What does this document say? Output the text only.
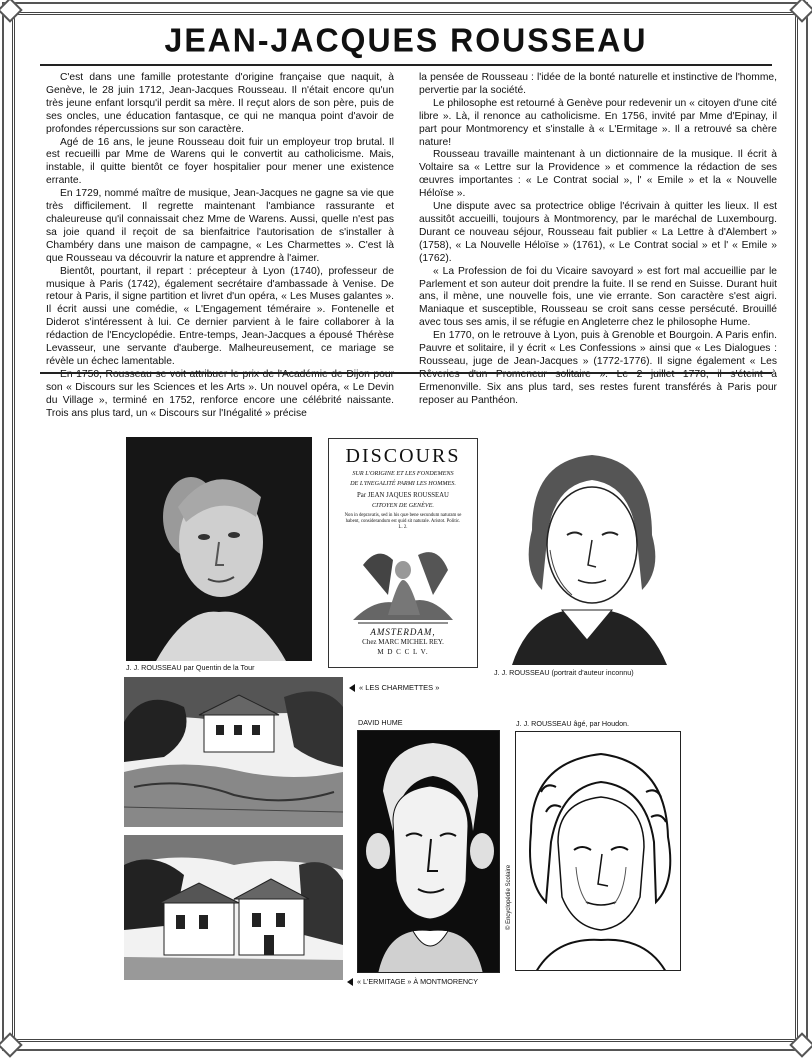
JEAN-JACQUES ROUSSEAU

C'est dans une famille protestante d'origine française que naquit, à Genève, le 28 juin 1712, Jean-Jacques Rousseau. Il n'était encore qu'un très jeune enfant lorsqu'il perdit sa mère. Il reçut alors de son père, puis de ses oncles, une éducation fantasque, ce qui ne manqua point d'avoir de profondes répercussions sur son caractère.

Agé de 16 ans, le jeune Rousseau doit fuir un employeur trop brutal. Il est recueilli par Mme de Warens qui le convertit au catholicisme. Mais, instable, il quitte bientôt ce foyer hospitalier pour mener une existence errante.

En 1729, nommé maître de musique, Jean-Jacques ne gagne sa vie que très difficilement. Il regrette maintenant l'ambiance rassurante et chaleureuse qu'il connaissait chez Mme de Warens. Aussi, quelle n'est pas sa joie quand il reçoit de sa bienfaitrice l'autorisation de s'installer à Chambéry dans une maison de campagne, « Les Charmettes ». C'est là que Rousseau va découvrir la nature et apprendre à l'aimer.

Bientôt, pourtant, il repart : précepteur à Lyon (1740), professeur de musique à Paris (1742), également secrétaire d'ambassade à Venise. De retour à Paris, il signe partition et livret d'un opéra, « Les Muses galantes ». Il écrit aussi une comédie, « L'Engagement téméraire ». Fontenelle et Diderot s'intéressent à lui. Ce dernier parvient à le faire collaborer à la rédaction de l'Encyclopédie. Entre-temps, Jean-Jacques a épousé Thérèse Levasseur, une servante d'auberge. Malheureusement, ce mariage se révèle un échec lamentable.

En 1750, Rousseau se voit attribuer le prix de l'Académie de Dijon pour son « Discours sur les Sciences et les Arts ». Un nouvel opéra, « Le Devin du Village », terminé en 1752, renforce encore une célébrité naissante. Trois ans plus tard, un « Discours sur l'Inégalité » précise

la pensée de Rousseau : l'idée de la bonté naturelle et instinctive de l'homme, pervertie par la société.

Le philosophe est retourné à Genève pour redevenir un « citoyen d'une cité libre ». Là, il renonce au catholicisme. En 1756, invité par Mme d'Epinay, il part pour Montmorency et s'installe à « L'Ermitage ». Il a retrouvé sa chère nature!

Rousseau travaille maintenant à un dictionnaire de la musique. Il écrit à Voltaire sa « Lettre sur la Providence » et commence la rédaction de ses œuvres importantes : « Le Contrat social », l' « Emile » et la « Nouvelle Héloïse ».

Une dispute avec sa protectrice oblige l'écrivain à quitter les lieux. Il est aussitôt accueilli, toujours à Montmorency, par le maréchal de Luxembourg. Durant ce nouveau séjour, Rousseau fait publier « La Lettre à d'Alembert » (1758), « La Nouvelle Héloïse » (1761), « Le Contrat social » et l' « Emile » (1762).

« La Profession de foi du Vicaire savoyard » est fort mal accueillie par le Parlement et son auteur doit prendre la fuite. Il se rend en Suisse. Durant huit ans, il mène, une nouvelle fois, une vie errante. Son caractère s'est aigri. Maniaque et susceptible, Rousseau se croit sans cesse persécuté. Brouillé avec tous ses amis, il se réfugie en Angleterre chez le philosophe Hume.

En 1770, on le retrouve à Lyon, puis à Grenoble et Bourgoin. A Paris enfin. Pauvre et solitaire, il y écrit « Les Confessions » ainsi que « Les Dialogues : Rousseau, juge de Jean-Jacques » (1772-1776). Il signe également « Les Rêveries d'un Promeneur solitaire ». Le 2 juillet 1778, il s'éteint à Ermenonville. Six ans plus tard, ses restes furent transférés à Paris pour reposer au Panthéon.

J. J. ROUSSEAU par Quentin de la Tour
DISCOURS
SUR L'ORIGINE ET LES FONDEMENS
DE L'INEGALITÉ PARMI LES HOMMES.
Par JEAN JAQUES ROUSSEAU
CITOYEN DE GENÈVE.
Non in depravatis, sed in his quæ bene secundum naturam se habent, considerandum est quid sit naturale. Aristot. Politic. L. 2.
AMSTERDAM,
Chez MARC MICHEL REY.
M D C C L V.
J. J. ROUSSEAU (portrait d'auteur inconnu)
« LES CHARMETTES »
« L'ERMITAGE » À MONTMORENCY
DAVID HUME	J. J. ROUSSEAU âgé, par Houdon.
© Encyclopédie Scolaire
